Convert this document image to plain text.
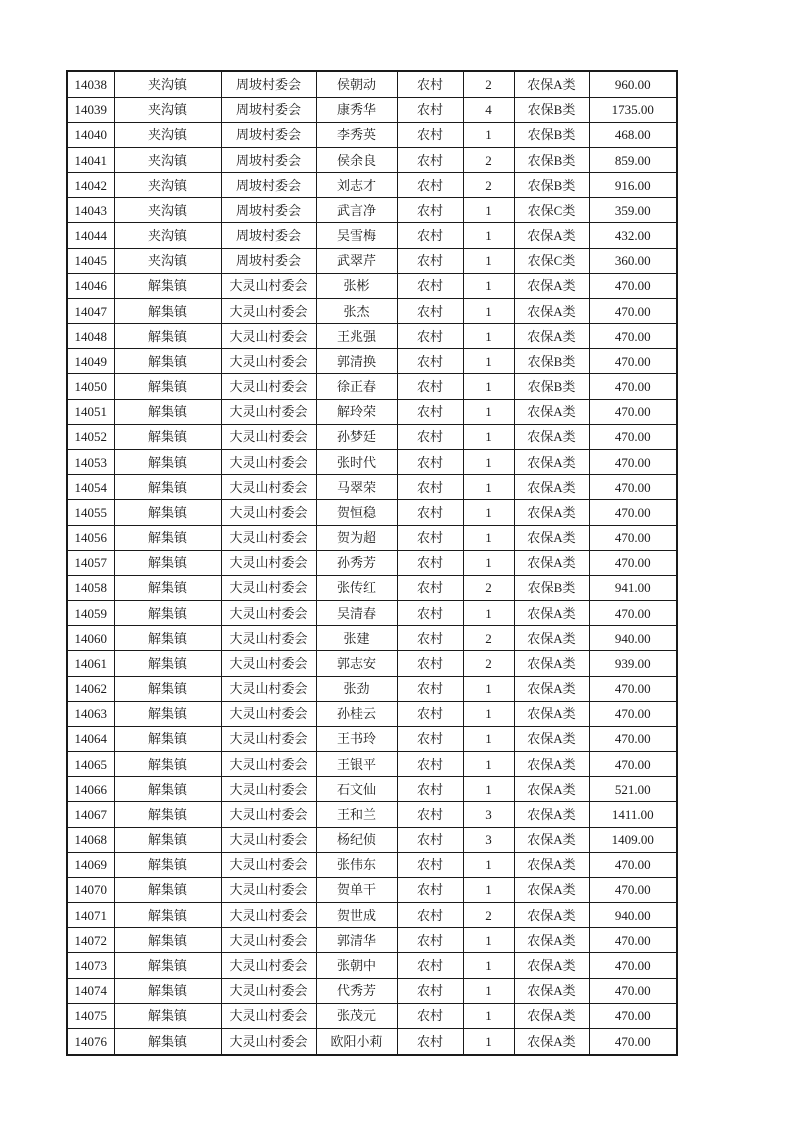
14038	夹沟镇	周坡村委会	侯朝动	农村	2	农保A类	960.00
14039	夹沟镇	周坡村委会	康秀华	农村	4	农保B类	1735.00
14040	夹沟镇	周坡村委会	李秀英	农村	1	农保B类	468.00
14041	夹沟镇	周坡村委会	侯余良	农村	2	农保B类	859.00
14042	夹沟镇	周坡村委会	刘志才	农村	2	农保B类	916.00
14043	夹沟镇	周坡村委会	武言净	农村	1	农保C类	359.00
14044	夹沟镇	周坡村委会	吴雪梅	农村	1	农保A类	432.00
14045	夹沟镇	周坡村委会	武翠芹	农村	1	农保C类	360.00
14046	解集镇	大灵山村委会	张彬	农村	1	农保A类	470.00
14047	解集镇	大灵山村委会	张杰	农村	1	农保A类	470.00
14048	解集镇	大灵山村委会	王兆强	农村	1	农保A类	470.00
14049	解集镇	大灵山村委会	郭清换	农村	1	农保B类	470.00
14050	解集镇	大灵山村委会	徐正春	农村	1	农保B类	470.00
14051	解集镇	大灵山村委会	解玲荣	农村	1	农保A类	470.00
14052	解集镇	大灵山村委会	孙梦廷	农村	1	农保A类	470.00
14053	解集镇	大灵山村委会	张时代	农村	1	农保A类	470.00
14054	解集镇	大灵山村委会	马翠荣	农村	1	农保A类	470.00
14055	解集镇	大灵山村委会	贺恒稳	农村	1	农保A类	470.00
14056	解集镇	大灵山村委会	贺为超	农村	1	农保A类	470.00
14057	解集镇	大灵山村委会	孙秀芳	农村	1	农保A类	470.00
14058	解集镇	大灵山村委会	张传红	农村	2	农保B类	941.00
14059	解集镇	大灵山村委会	吴清春	农村	1	农保A类	470.00
14060	解集镇	大灵山村委会	张建	农村	2	农保A类	940.00
14061	解集镇	大灵山村委会	郭志安	农村	2	农保A类	939.00
14062	解集镇	大灵山村委会	张劲	农村	1	农保A类	470.00
14063	解集镇	大灵山村委会	孙桂云	农村	1	农保A类	470.00
14064	解集镇	大灵山村委会	王书玲	农村	1	农保A类	470.00
14065	解集镇	大灵山村委会	王银平	农村	1	农保A类	470.00
14066	解集镇	大灵山村委会	石文仙	农村	1	农保A类	521.00
14067	解集镇	大灵山村委会	王和兰	农村	3	农保A类	1411.00
14068	解集镇	大灵山村委会	杨纪侦	农村	3	农保A类	1409.00
14069	解集镇	大灵山村委会	张伟东	农村	1	农保A类	470.00
14070	解集镇	大灵山村委会	贺单干	农村	1	农保A类	470.00
14071	解集镇	大灵山村委会	贺世成	农村	2	农保A类	940.00
14072	解集镇	大灵山村委会	郭清华	农村	1	农保A类	470.00
14073	解集镇	大灵山村委会	张朝中	农村	1	农保A类	470.00
14074	解集镇	大灵山村委会	代秀芳	农村	1	农保A类	470.00
14075	解集镇	大灵山村委会	张茂元	农村	1	农保A类	470.00
14076	解集镇	大灵山村委会	欧阳小莉	农村	1	农保A类	470.00
